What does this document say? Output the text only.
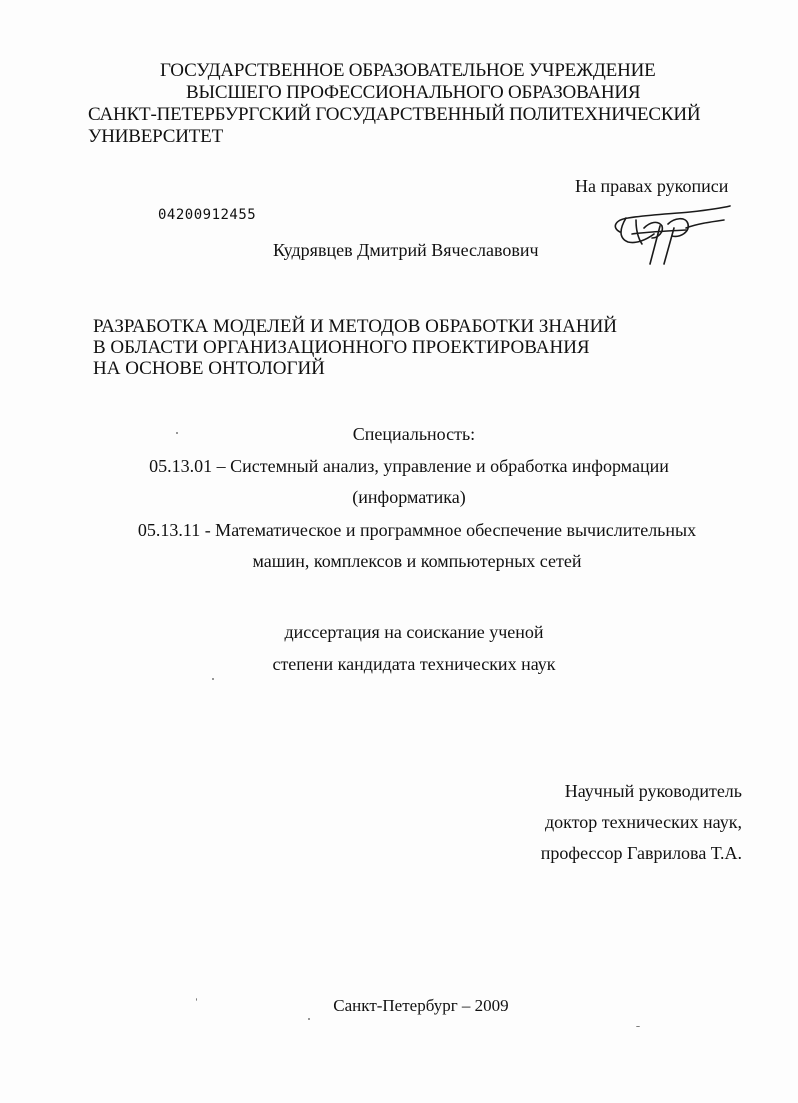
ГОСУДАРСТВЕННОЕ ОБРАЗОВАТЕЛЬНОЕ УЧРЕЖДЕНИЕ
ВЫСШЕГО ПРОФЕССИОНАЛЬНОГО ОБРАЗОВАНИЯ
САНКТ-ПЕТЕРБУРГСКИЙ ГОСУДАРСТВЕННЫЙ ПОЛИТЕХНИЧЕСКИЙ
УНИВЕРСИТЕТ
На правах рукописи
04200912455
Кудрявцев Дмитрий Вячеславович
РАЗРАБОТКА МОДЕЛЕЙ И МЕТОДОВ ОБРАБОТКИ ЗНАНИЙ
В ОБЛАСТИ ОРГАНИЗАЦИОННОГО ПРОЕКТИРОВАНИЯ
НА ОСНОВЕ ОНТОЛОГИЙ
Специальность:
05.13.01 – Системный анализ, управление и обработка информации
(информатика)
05.13.11 - Математическое и программное обеспечение вычислительных
машин, комплексов и компьютерных сетей
диссертация на соискание ученой
степени кандидата технических наук
Научный руководитель
доктор технических наук,
профессор Гаврилова Т.А.
Санкт-Петербург – 2009
